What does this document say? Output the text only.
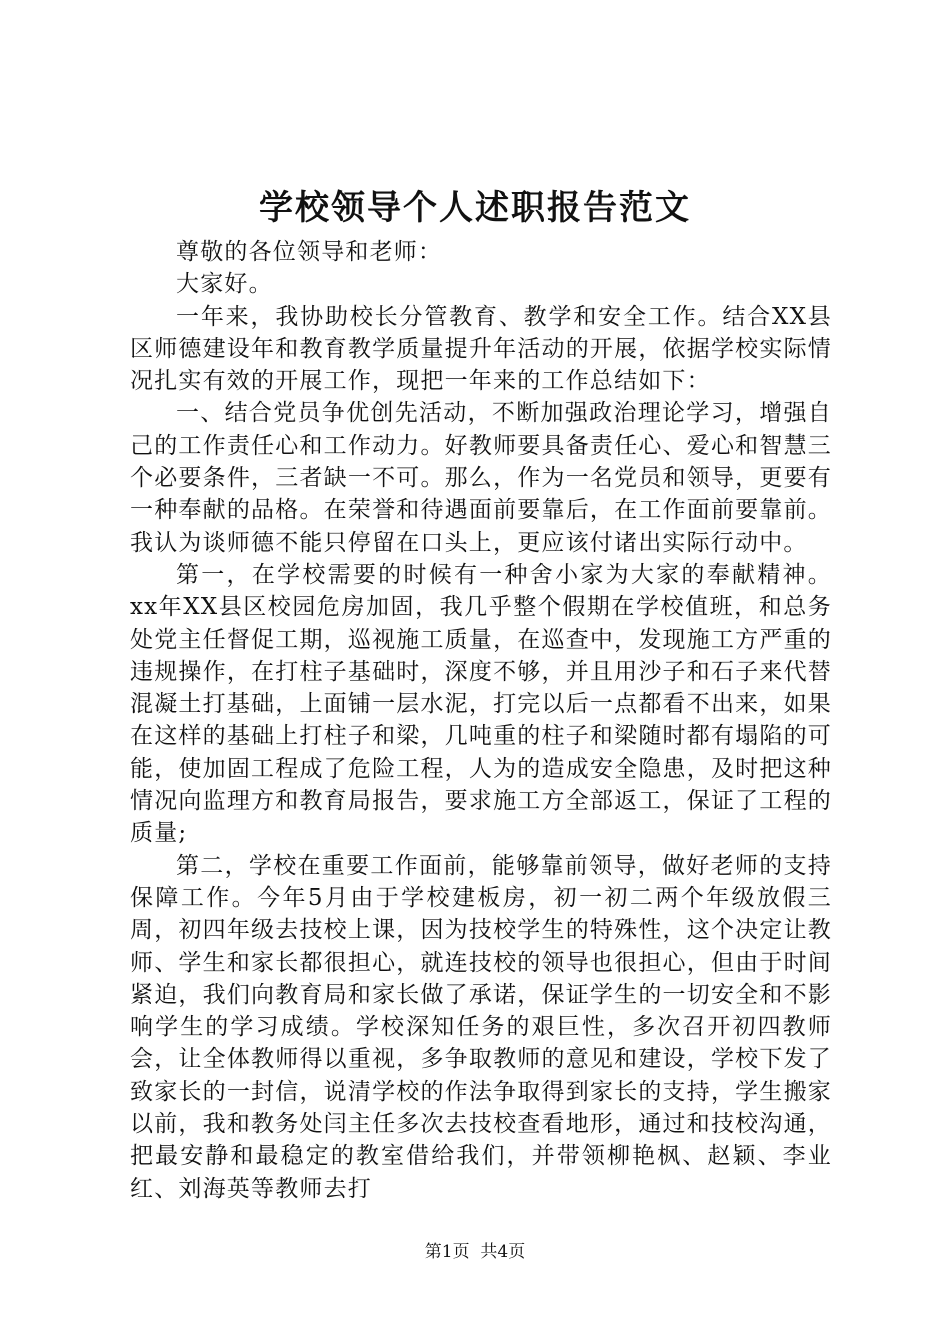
学校领导个人述职报告范文

尊敬的各位领导和老师：

大家好。

一年来，我协助校长分管教育、教学和安全工作。结合XX县区师德建设年和教育教学质量提升年活动的开展，依据学校实际情况扎实有效的开展工作，现把一年来的工作总结如下：

一、结合党员争优创先活动，不断加强政治理论学习，增强自己的工作责任心和工作动力。好教师要具备责任心、爱心和智慧三个必要条件，三者缺一不可。那么，作为一名党员和领导，更要有一种奉献的品格。在荣誉和待遇面前要靠后，在工作面前要靠前。我认为谈师德不能只停留在口头上，更应该付诸出实际行动中。

第一，在学校需要的时候有一种舍小家为大家的奉献精神。xx年XX县区校园危房加固，我几乎整个假期在学校值班，和总务处党主任督促工期，巡视施工质量，在巡查中，发现施工方严重的违规操作，在打柱子基础时，深度不够，并且用沙子和石子来代替混凝土打基础，上面铺一层水泥，打完以后一点都看不出来，如果在这样的基础上打柱子和梁，几吨重的柱子和梁随时都有塌陷的可能，使加固工程成了危险工程，人为的造成安全隐患，及时把这种情况向监理方和教育局报告，要求施工方全部返工，保证了工程的质量;

第二，学校在重要工作面前，能够靠前领导，做好老师的支持保障工作。今年5月由于学校建板房，初一初二两个年级放假三周，初四年级去技校上课，因为技校学生的特殊性，这个决定让教师、学生和家长都很担心，就连技校的领导也很担心，但由于时间紧迫，我们向教育局和家长做了承诺，保证学生的一切安全和不影响学生的学习成绩。学校深知任务的艰巨性，多次召开初四教师会，让全体教师得以重视，多争取教师的意见和建设，学校下发了致家长的一封信，说清学校的作法争取得到家长的支持，学生搬家以前，我和教务处闫主任多次去技校查看地形，通过和技校沟通，把最安静和最稳定的教室借给我们，并带领柳艳枫、赵颖、李业红、刘海英等教师去打

第1页 共4页
